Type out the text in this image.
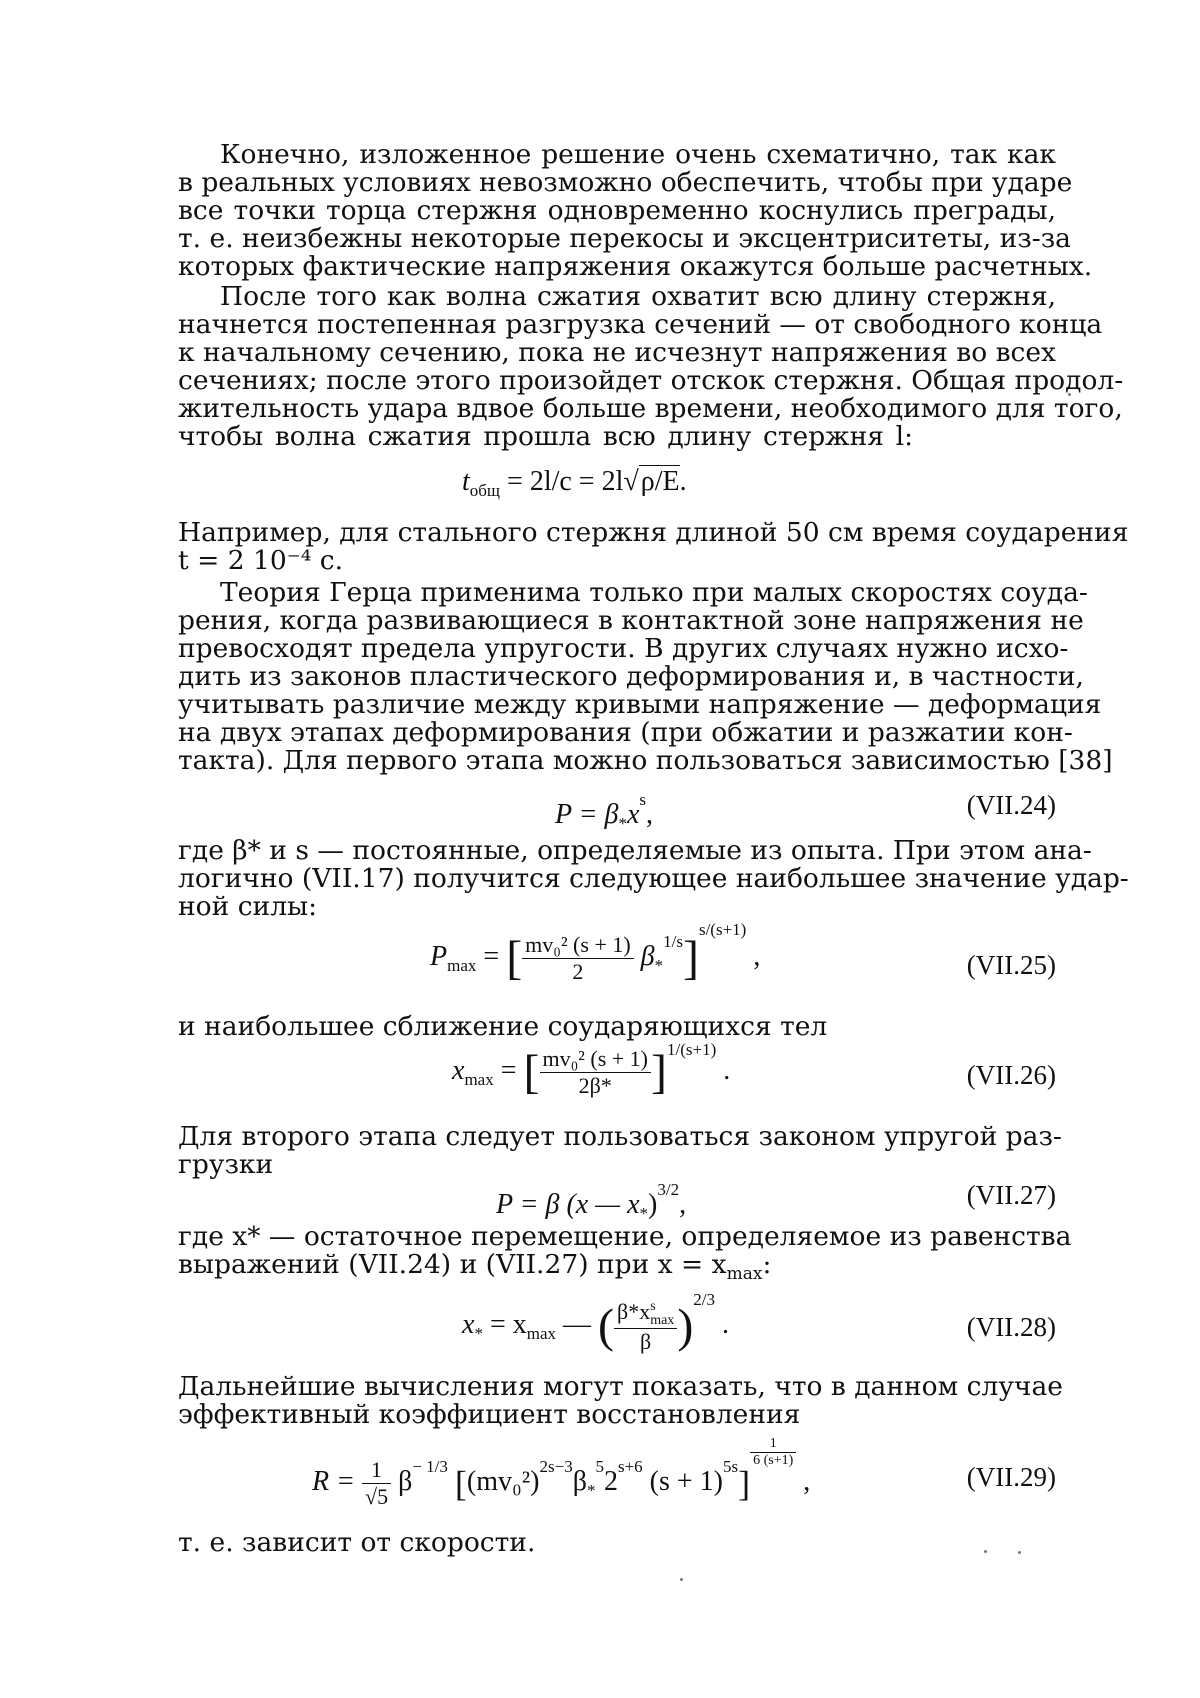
Конечно, изложенное решение очень схематично, так как
в реальных условиях невозможно обеспечить, чтобы при ударе
все точки торца стержня одновременно коснулись преграды,
т. е. неизбежны некоторые перекосы и эксцентриситеты, из-за
которых фактические напряжения окажутся больше расчетных.
После того как волна сжатия охватит всю длину стержня,
начнется постепенная разгрузка сечений — от свободного конца
к начальному сечению, пока не исчезнут напряжения во всех
сечениях; после этого произойдет отскок стержня. Общая продол-
жительность удара вдвое больше времени, необходимого для того,
чтобы волна сжатия прошла всю длину стержня l:
tобщ = 2l/c = 2l√ρ/E.
Например, для стального стержня длиной 50 см время соударения
t = 2 10⁻⁴ с.
Теория Герца применима только при малых скоростях соуда-
рения, когда развивающиеся в контактной зоне напряжения не
превосходят предела упругости. В других случаях нужно исхо-
дить из законов пластического деформирования и, в частности,
учитывать различие между кривыми напряжение — деформация
на двух этапах деформирования (при обжатии и разжатии кон-
такта). Для первого этапа можно пользоваться зависимостью [38]
P = β*xs,	(VII.24)
где β* и s — постоянные, определяемые из опыта. При этом ана-
логично (VII.17) получится следующее наибольшее значение удар-
ной силы:
Pmax = [ mv₀² (s + 1)
2	β*1/s]s/(s+1) ,	(VII.25)
и наибольшее сближение соударяющихся тел
xmax = [ mv₀² (s + 1)
2β* ]1/(s+1) .	(VII.26)
Для второго этапа следует пользоваться законом упругой раз-
грузки
P = β (x — x*)3/2,	(VII.27)
где x* — остаточное перемещение, определяемое из равенства
выражений (VII.24) и (VII.27) при x = xmax:
x* = xmax — ( β*x s
max
β )2/3 .	(VII.28)
Дальнейшие вычисления могут показать, что в данном случае
эффективный коэффициент восстановления
R = 1
√5 β− 1/3 [(mv₀²)2s−3β*52s+6 (s + 1)5s]
1
6 (s+1)
,	(VII.29)
т. е. зависит от скорости.
